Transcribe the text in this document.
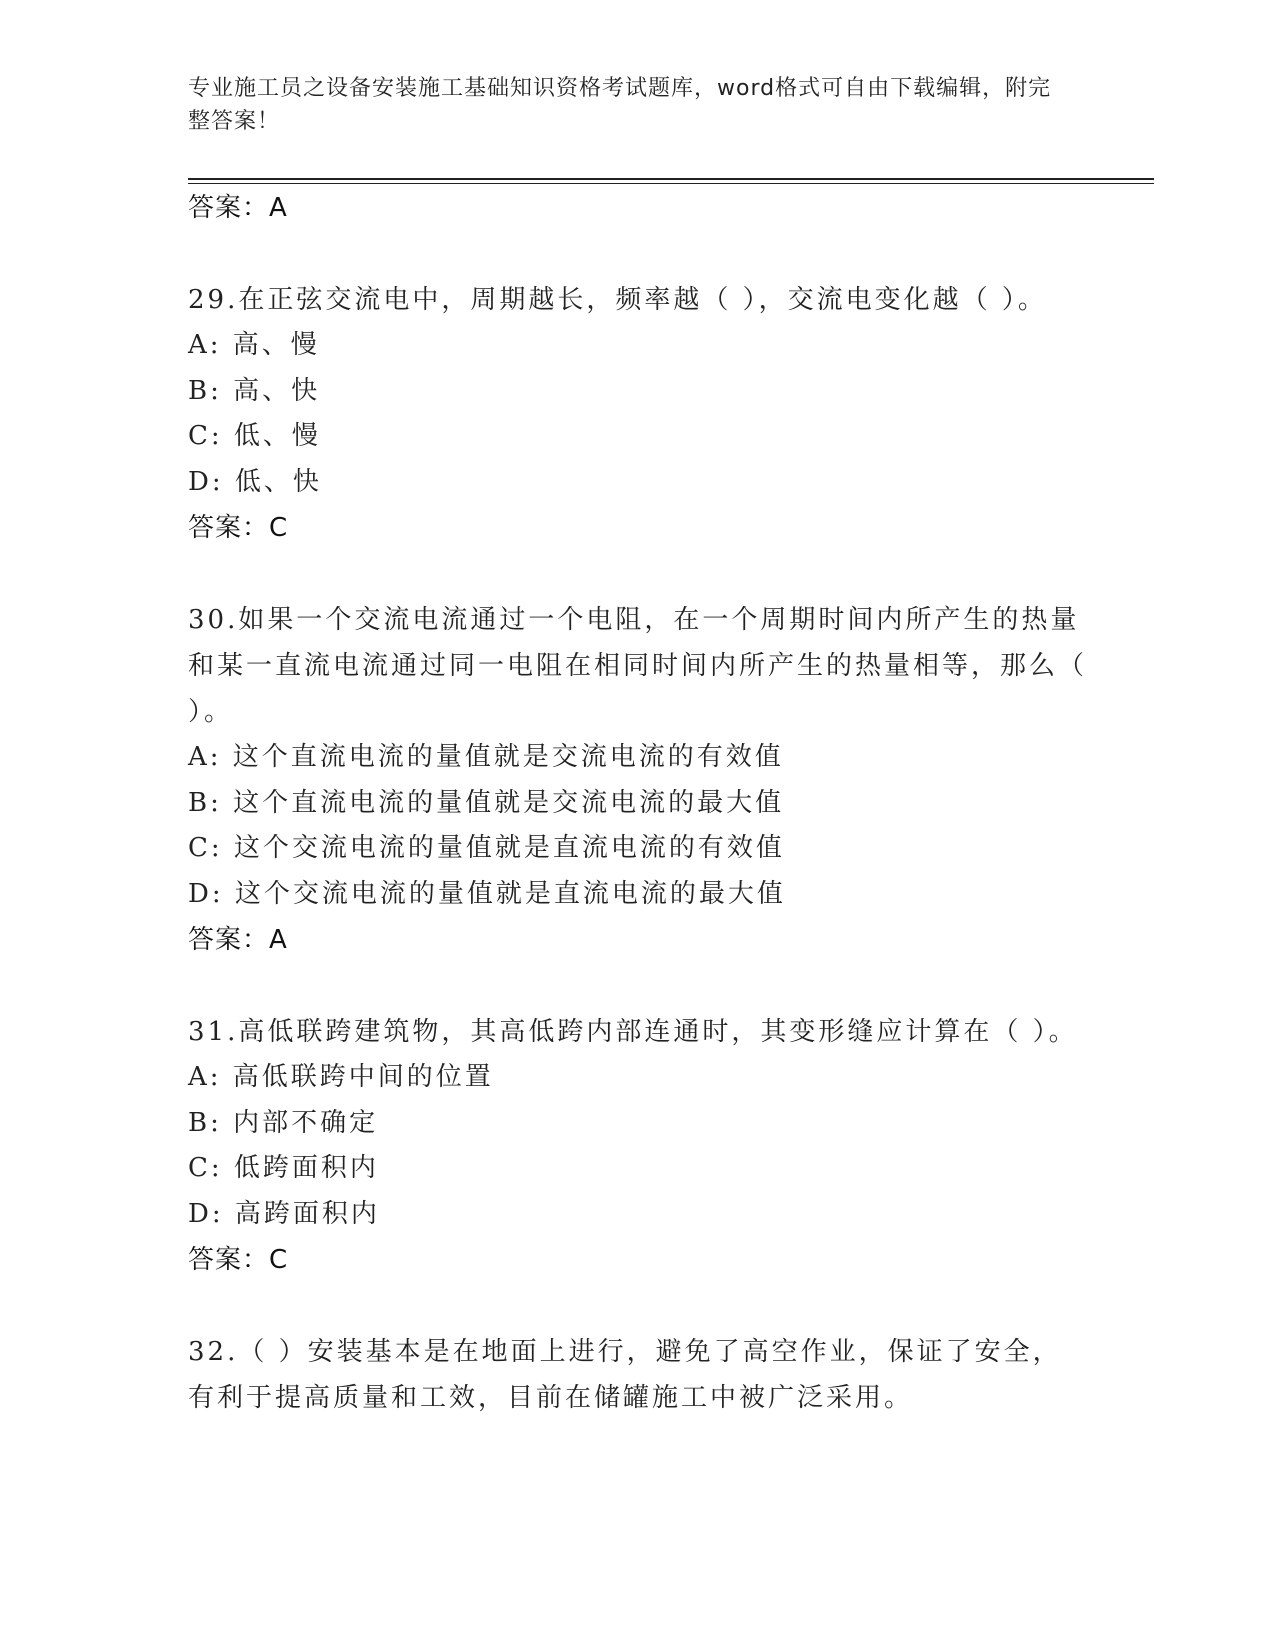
专业施工员之设备安装施工基础知识资格考试题库，word格式可自由下载编辑，附完整答案！
答案：A
29.在正弦交流电中，周期越长，频率越（ ），交流电变化越（ ）。
A: 高、慢
B: 高、快
C: 低、慢
D: 低、快
答案：C
30.如果一个交流电流通过一个电阻，在一个周期时间内所产生的热量和某一直流电流通过同一电阻在相同时间内所产生的热量相等，那么（ ）。
A: 这个直流电流的量值就是交流电流的有效值
B: 这个直流电流的量值就是交流电流的最大值
C: 这个交流电流的量值就是直流电流的有效值
D: 这个交流电流的量值就是直流电流的最大值
答案：A
31.高低联跨建筑物，其高低跨内部连通时，其变形缝应计算在（ ）。
A: 高低联跨中间的位置
B: 内部不确定
C: 低跨面积内
D: 高跨面积内
答案：C
32.（ ）安装基本是在地面上进行，避免了高空作业，保证了安全，有利于提高质量和工效，目前在储罐施工中被广泛采用。
